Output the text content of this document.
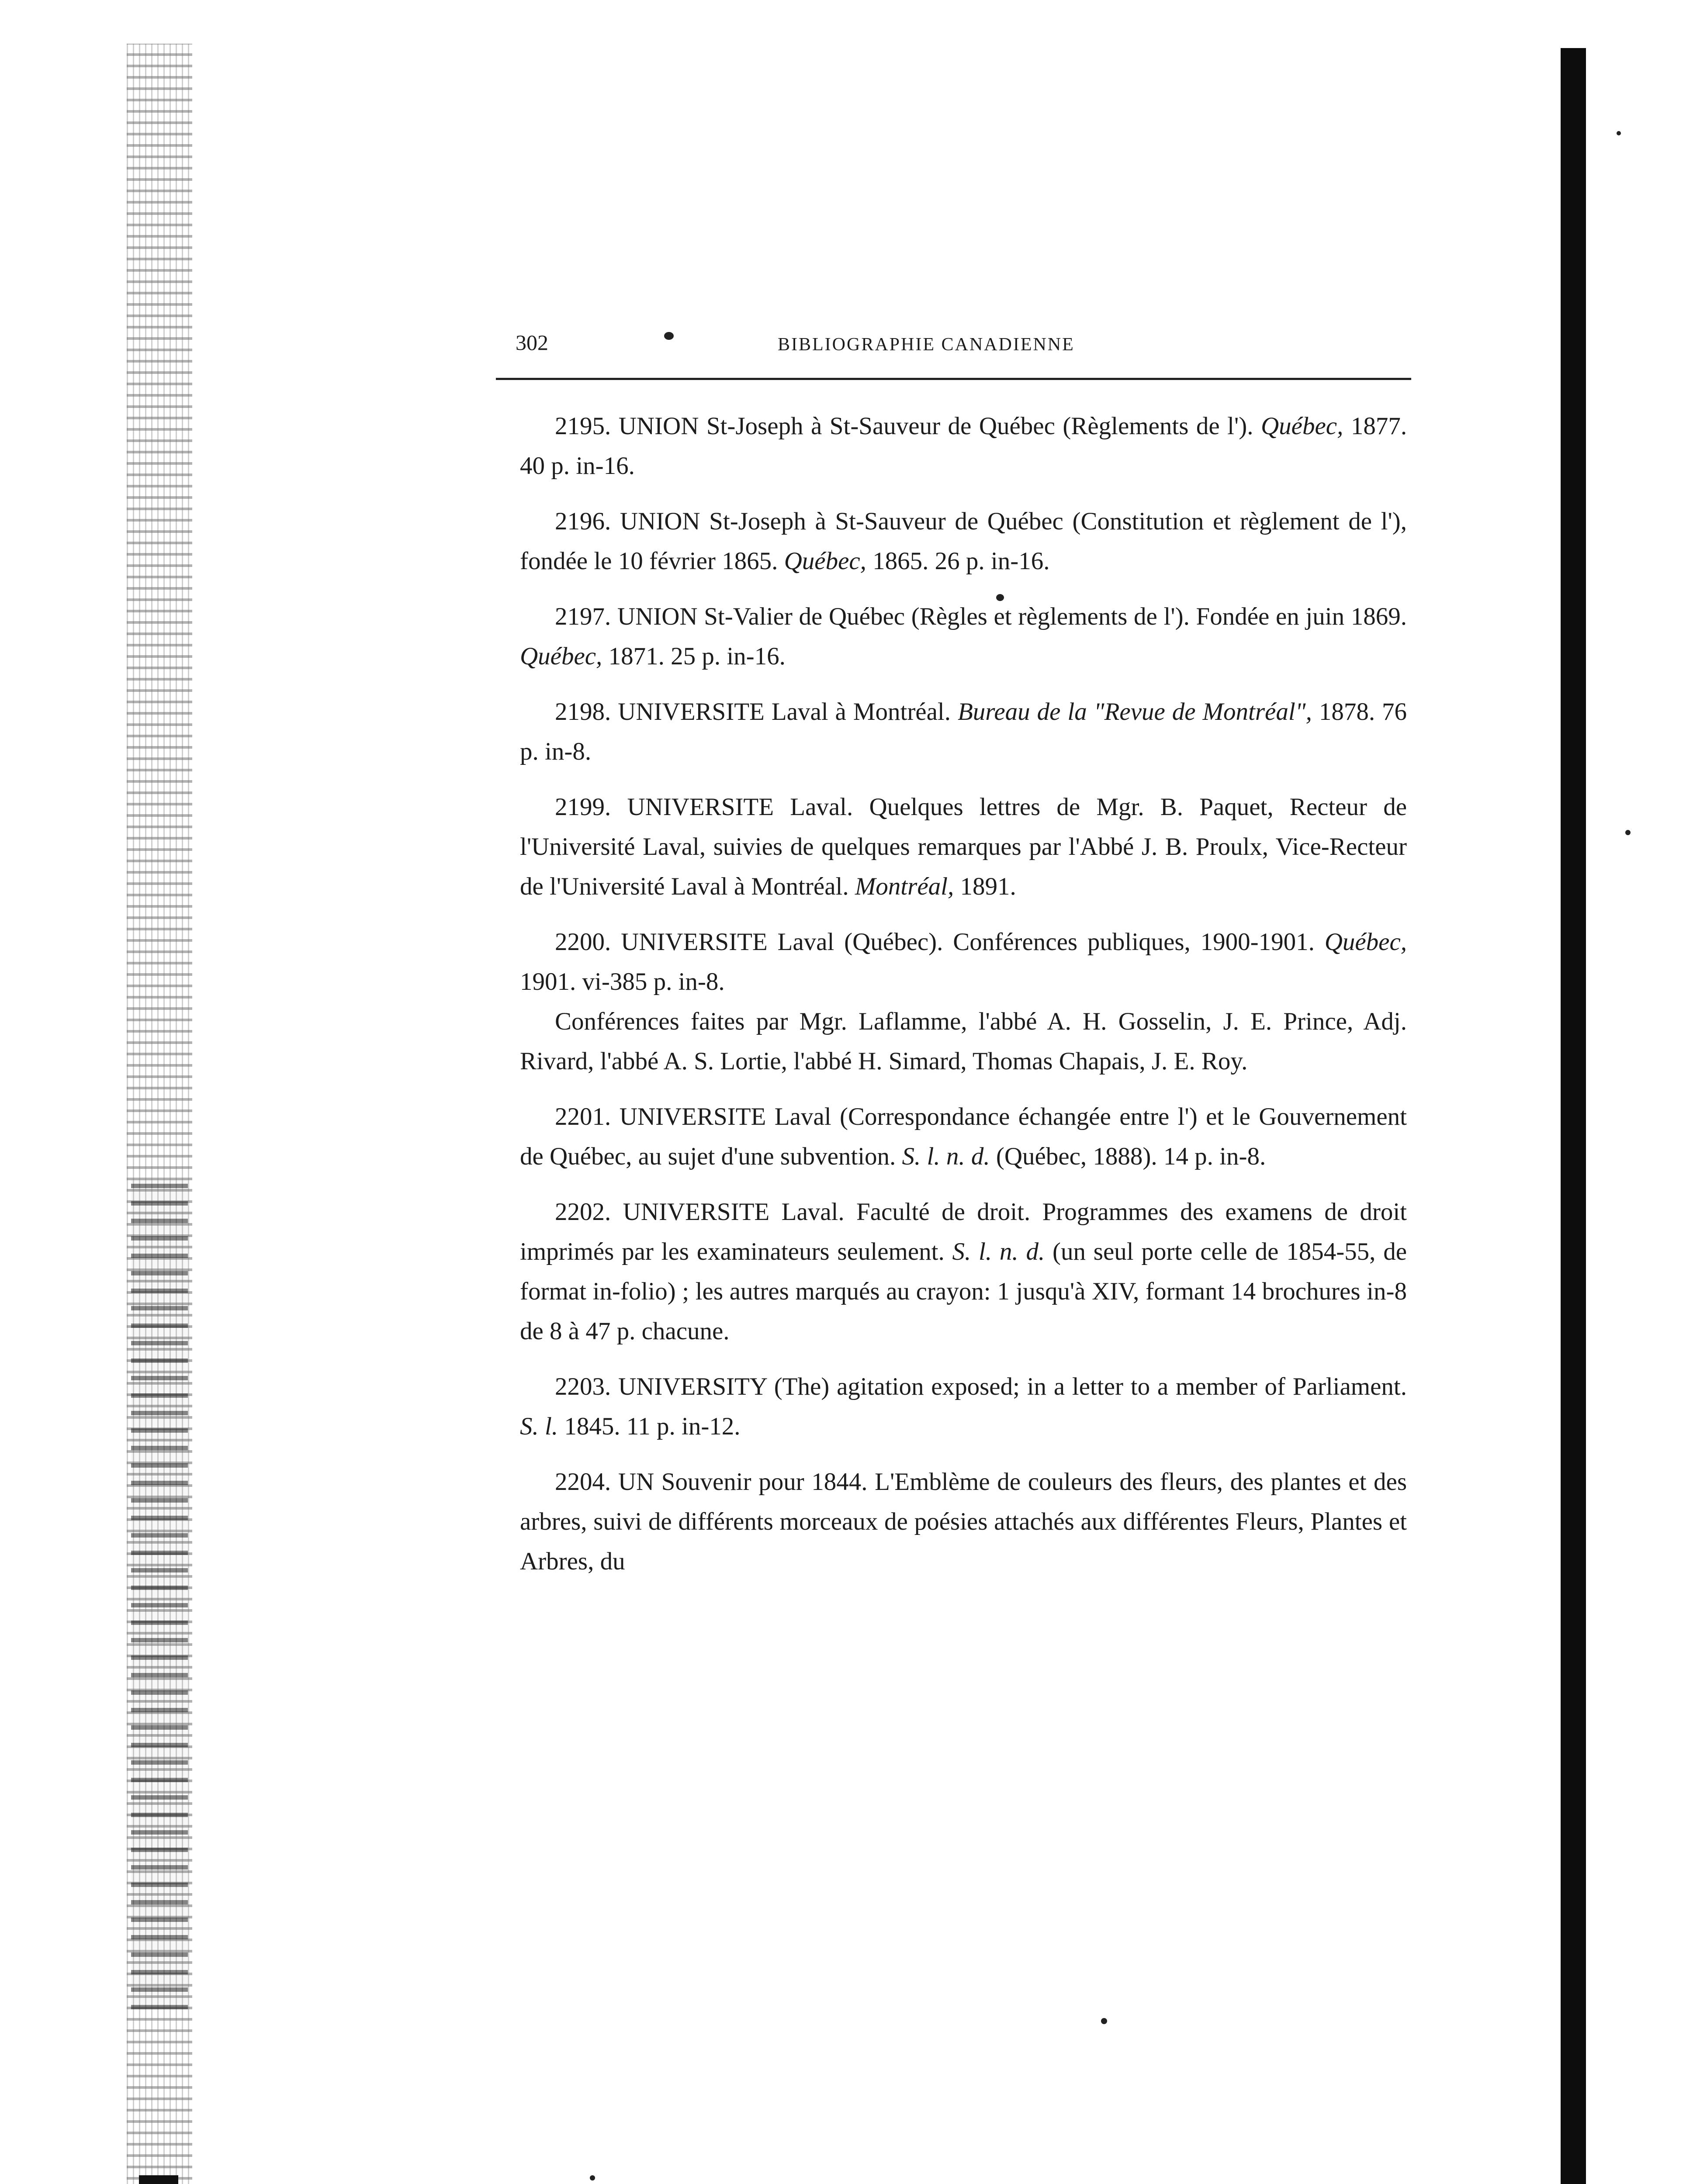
302	BIBLIOGRAPHIE CANADIENNE

2195. UNION St-Joseph à St-Sauveur de Québec (Règlements de l'). Québec, 1877. 40 p. in-16.

2196. UNION St-Joseph à St-Sauveur de Québec (Constitution et règlement de l'), fondée le 10 février 1865. Québec, 1865. 26 p. in-16.

2197. UNION St-Valier de Québec (Règles et règlements de l'). Fondée en juin 1869. Québec, 1871. 25 p. in-16.

2198. UNIVERSITE Laval à Montréal. Bureau de la "Revue de Montréal", 1878. 76 p. in-8.

2199. UNIVERSITE Laval. Quelques lettres de Mgr. B. Paquet, Recteur de l'Université Laval, suivies de quelques remarques par l'Abbé J. B. Proulx, Vice-Recteur de l'Université Laval à Montréal. Montréal, 1891.

2200. UNIVERSITE Laval (Québec). Conférences publiques, 1900-1901. Québec, 1901. vi-385 p. in-8.

Conférences faites par Mgr. Laflamme, l'abbé A. H. Gosselin, J. E. Prince, Adj. Rivard, l'abbé A. S. Lortie, l'abbé H. Simard, Thomas Chapais, J. E. Roy.

2201. UNIVERSITE Laval (Correspondance échangée entre l') et le Gouvernement de Québec, au sujet d'une subvention. S. l. n. d. (Québec, 1888). 14 p. in-8.

2202. UNIVERSITE Laval. Faculté de droit. Programmes des examens de droit imprimés par les examinateurs seulement. S. l. n. d. (un seul porte celle de 1854-55, de format in-folio) ; les autres marqués au crayon: 1 jusqu'à XIV, formant 14 brochures in-8 de 8 à 47 p. chacune.

2203. UNIVERSITY (The) agitation exposed; in a letter to a member of Parliament. S. l. 1845. 11 p. in-12.

2204. UN Souvenir pour 1844. L'Emblème de couleurs des fleurs, des plantes et des arbres, suivi de différents morceaux de poésies attachés aux différentes Fleurs, Plantes et Arbres, du
